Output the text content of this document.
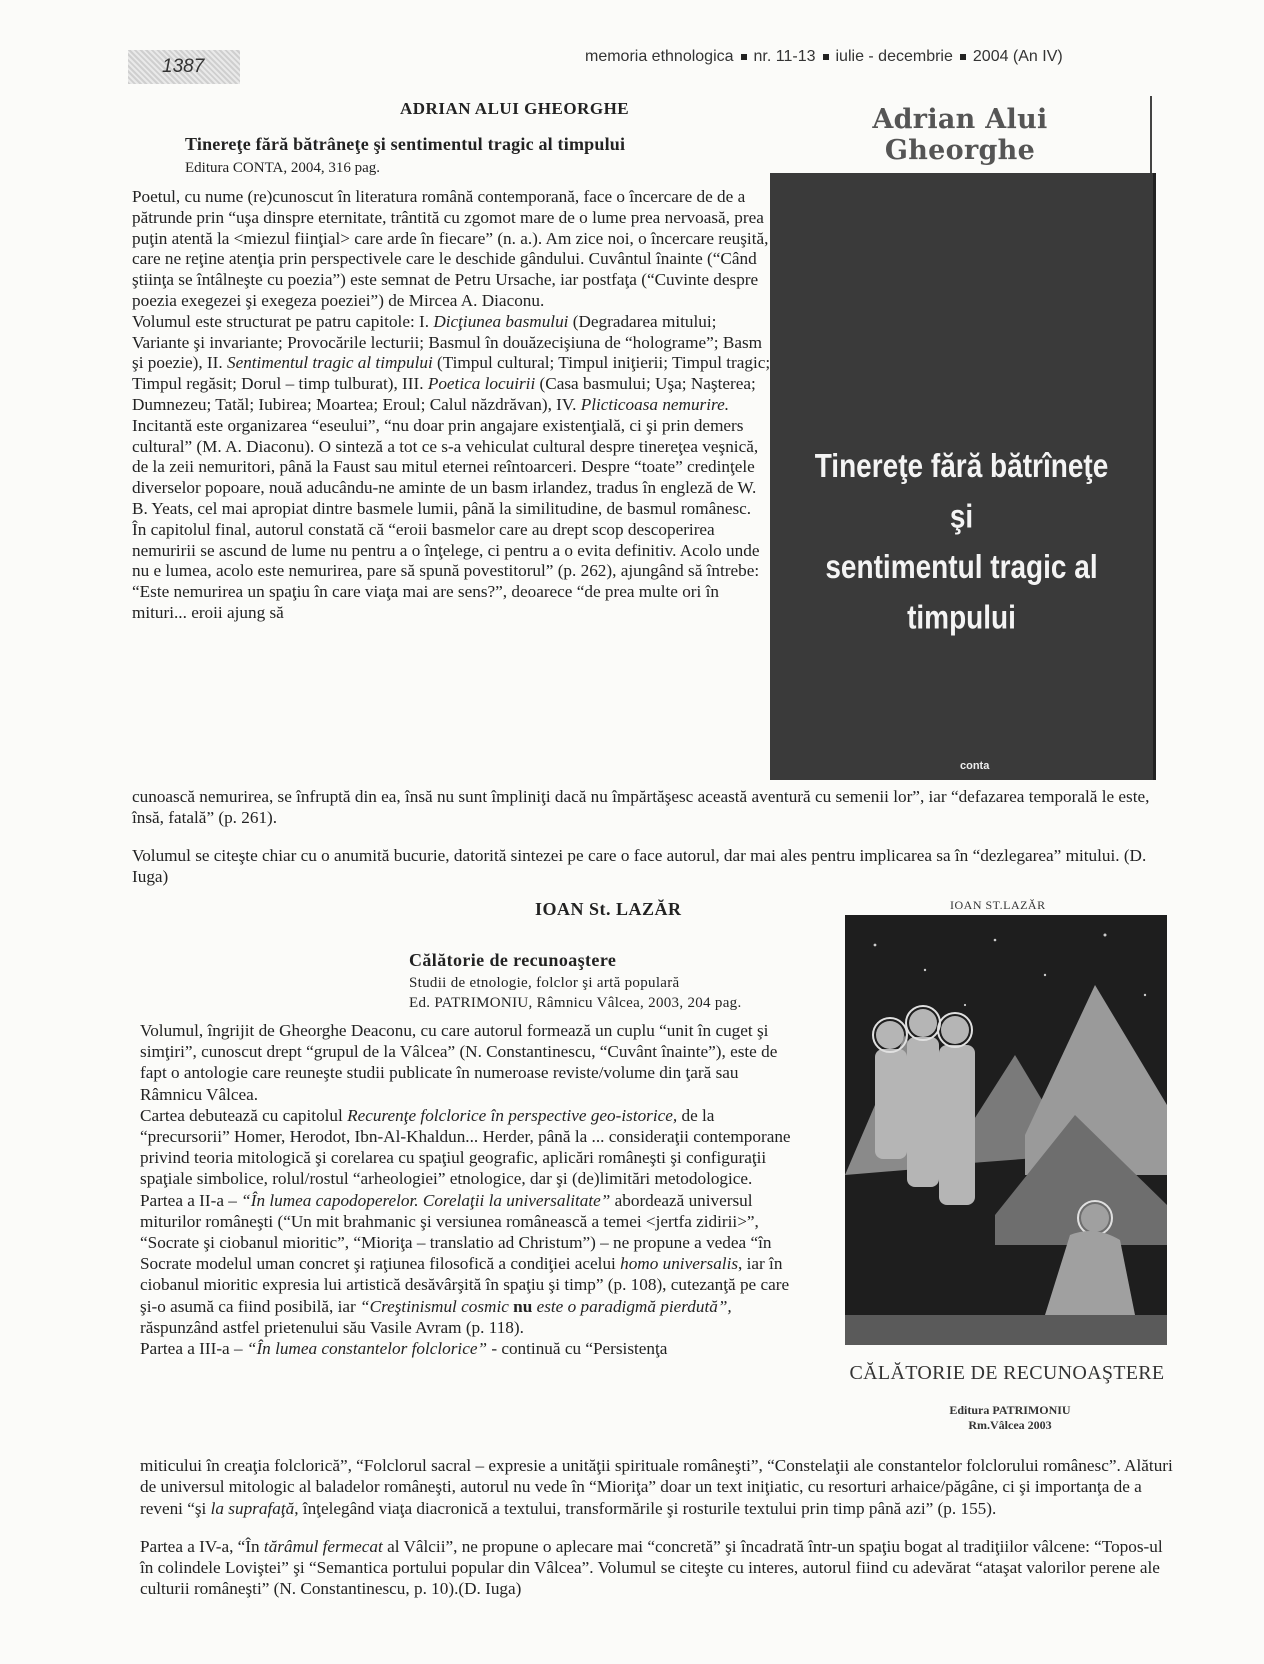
1387	memoria ethnologica nr. 11-13 iulie - decembrie 2004 (An IV)
ADRIAN ALUI GHEORGHE
Tinereţe fără bătrâneţe şi sentimentul tragic al timpului
Editura CONTA, 2004, 316 pag.

Poetul, cu nume (re)cunoscut în literatura română contemporană, face o încercare de de a pătrunde prin “uşa dinspre eternitate, trântită cu zgomot mare de o lume prea nervoasă, prea puţin atentă la <miezul fiinţial> care arde în fiecare” (n. a.). Am zice noi, o încercare reuşită, care ne reţine atenţia prin perspectivele care le deschide gândului. Cuvântul înainte (“Când ştiinţa se întâlneşte cu poezia”) este semnat de Petru Ursache, iar postfaţa (“Cuvinte despre poezia exegezei şi exegeza poeziei”) de Mircea A. Diaconu.

Volumul este structurat pe patru capitole: I. Dicţiunea basmului (Degradarea mitului; Variante şi invariante; Provocările lecturii; Basmul în douăzecişiuna de “holograme”; Basm şi poezie), II. Sentimentul tragic al timpului (Timpul cultural; Timpul iniţierii; Timpul tragic; Timpul regăsit; Dorul – timp tulburat), III. Poetica locuirii (Casa basmului; Uşa; Naşterea; Dumnezeu; Tatăl; Iubirea; Moartea; Eroul; Calul năzdrăvan), IV. Plicticoasa nemurire.

Incitantă este organizarea “eseului”, “nu doar prin angajare existenţială, ci şi prin demers cultural” (M. A. Diaconu). O sinteză a tot ce s-a vehiculat cultural despre tinereţea veşnică, de la zeii nemuritori, până la Faust sau mitul eternei reîntoarceri. Despre “toate” credinţele diverselor popoare, nouă aducându-ne aminte de un basm irlandez, tradus în engleză de W. B. Yeats, cel mai apropiat dintre basmele lumii, până la similitudine, de basmul românesc.

În capitolul final, autorul constată că “eroii basmelor care au drept scop descoperirea nemuririi se ascund de lume nu pentru a o înţelege, ci pentru a o evita definitiv. Acolo unde nu e lumea, acolo este nemurirea, pare să spună povestitorul” (p. 262), ajungând să întrebe: “Este nemurirea un spaţiu în care viaţa mai are sens?”, deoarece “de prea multe ori în mituri... eroii ajung să

cunoască nemurirea, se înfruptă din ea, însă nu sunt împliniţi dacă nu împărtăşesc această aventură cu semenii lor”, iar “defazarea temporală le este, însă, fatală” (p. 261).

Volumul se citeşte chiar cu o anumită bucurie, datorită sintezei pe care o face autorul, dar mai ales pentru implicarea sa în “dezlegarea” mitului. (D. Iuga)

Adrian Alui Gheorghe
Tinereţe fără bătrîneţe
şi
sentimentul tragic al timpului
conta
IOAN St. LAZĂR
Călătorie de recunoaştere
Studii de etnologie, folclor şi artă populară
Ed. PATRIMONIU, Râmnicu Vâlcea, 2003, 204 pag.

Volumul, îngrijit de Gheorghe Deaconu, cu care autorul formează un cuplu “unit în cuget şi simţiri”, cunoscut drept “grupul de la Vâlcea” (N. Constantinescu, “Cuvânt înainte”), este de fapt o antologie care reuneşte studii publicate în numeroase reviste/volume din ţară sau Râmnicu Vâlcea.

Cartea debutează cu capitolul Recurenţe folclorice în perspective geo-istorice, de la “precursorii” Homer, Herodot, Ibn-Al-Khaldun... Herder, până la ... consideraţii contemporane privind teoria mitologică şi corelarea cu spaţiul geografic, aplicări româneşti şi configuraţii spaţiale simbolice, rolul/rostul “arheologiei” etnologice, dar şi (de)limitări metodologice.

Partea a II-a – “În lumea capodoperelor. Corelaţii la universalitate” abordează universul miturilor româneşti (“Un mit brahmanic şi versiunea românească a temei <jertfa zidirii>”, “Socrate şi ciobanul mioritic”, “Mioriţa – translatio ad Christum”) – ne propune a vedea “în Socrate modelul uman concret şi raţiunea filosofică a condiţiei acelui homo universalis, iar în ciobanul mioritic expresia lui artistică desăvârşită în spaţiu şi timp” (p. 108), cutezanţă pe care şi-o asumă ca fiind posibilă, iar “Creştinismul cosmic nu este o paradigmă pierdută”, răspunzând astfel prietenului său Vasile Avram (p. 118).

Partea a III-a – “În lumea constantelor folclorice” - continuă cu “Persistenţa

miticului în creaţia folclorică”, “Folclorul sacral – expresie a unităţii spirituale româneşti”, “Constelaţii ale constantelor folclorului românesc”. Alături de universul mitologic al baladelor româneşti, autorul nu vede în “Mioriţa” doar un text iniţiatic, cu resorturi arhaice/păgâne, ci şi importanţa de a reveni “şi la suprafaţă, înţelegând viaţa diacronică a textului, transformările şi rosturile textului prin timp până azi” (p. 155).

Partea a IV-a, “În tărâmul fermecat al Vâlcii”, ne propune o aplecare mai “concretă” şi încadrată într-un spaţiu bogat al tradiţiilor vâlcene: “Topos-ul în colindele Loviştei” şi “Semantica portului popular din Vâlcea”. Volumul se citeşte cu interes, autorul fiind cu adevărat “ataşat valorilor perene ale culturii româneşti” (N. Constantinescu, p. 10).(D. Iuga)

IOAN ST.LAZĂR
CĂLĂTORIE DE RECUNOAŞTERE
Editura PATRIMONIU
Rm.Vâlcea 2003
